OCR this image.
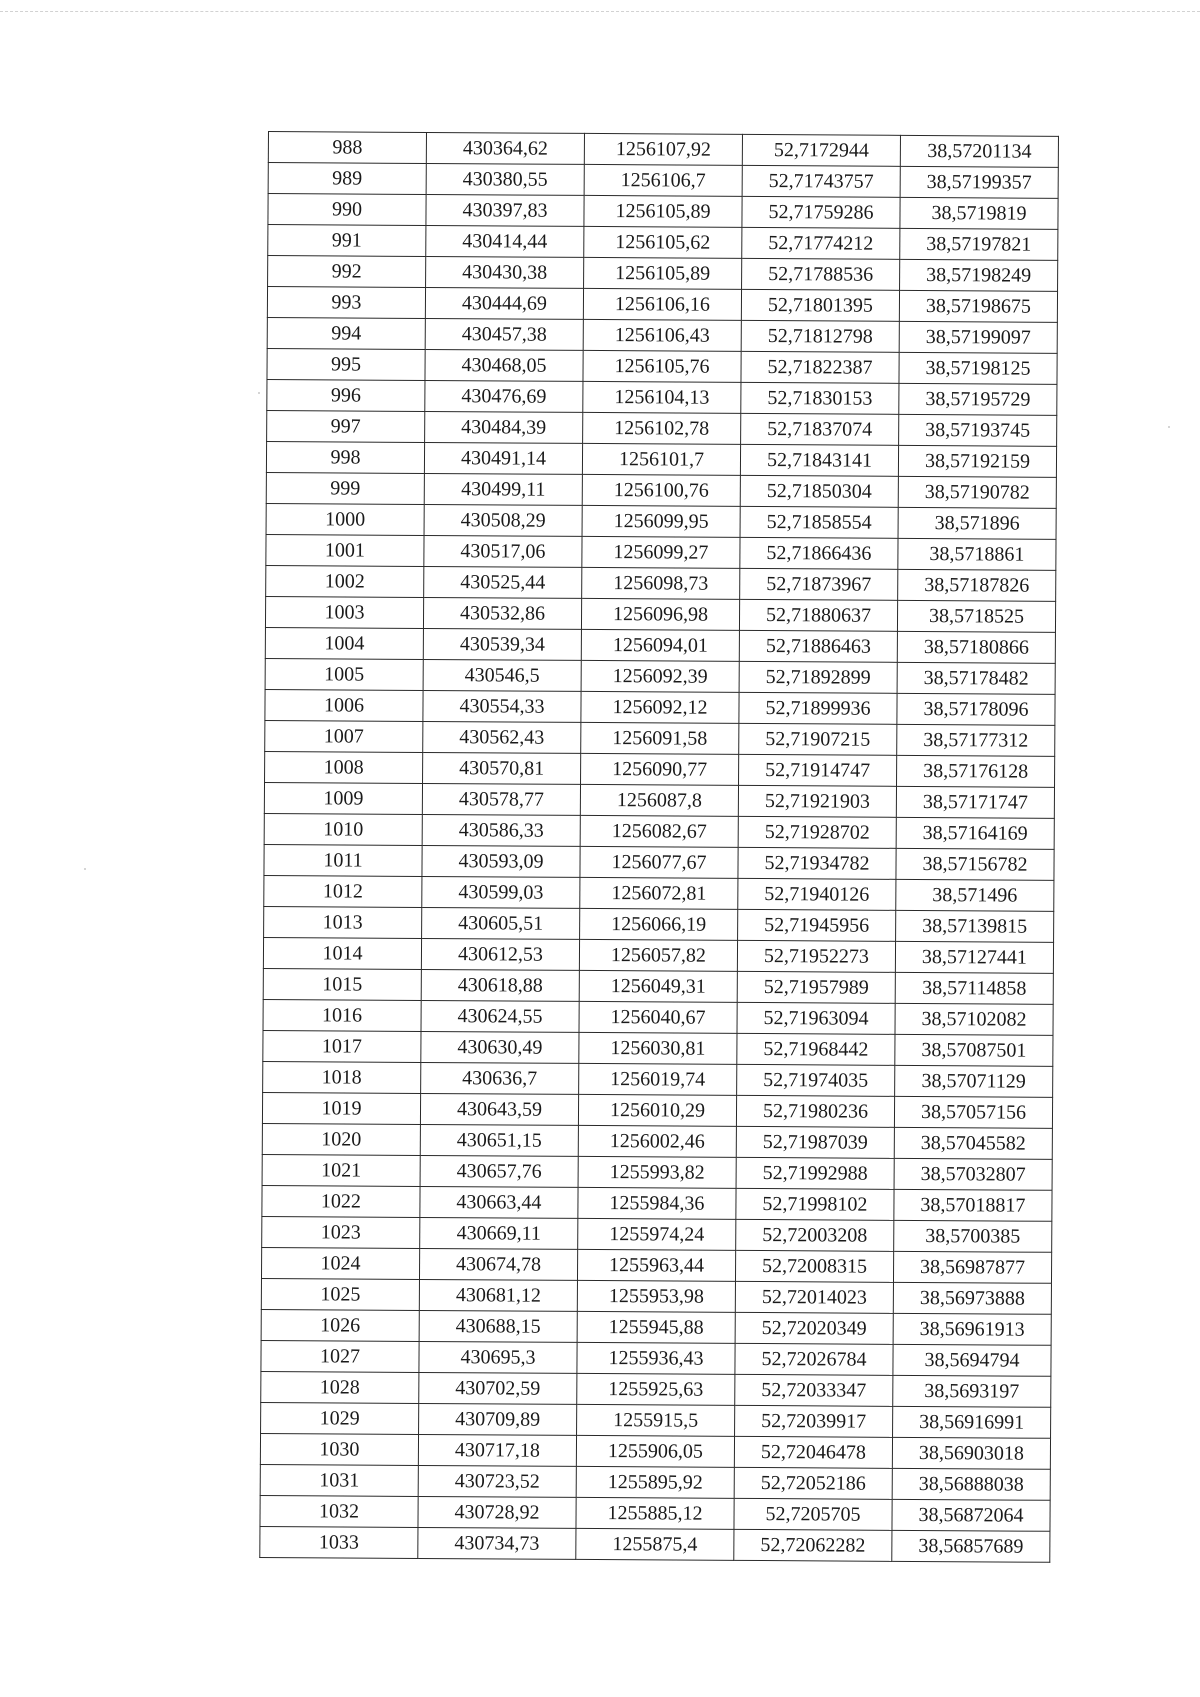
988	430364,62	1256107,92	52,7172944	38,57201134
989	430380,55	1256106,7	52,71743757	38,57199357
990	430397,83	1256105,89	52,71759286	38,5719819
991	430414,44	1256105,62	52,71774212	38,57197821
992	430430,38	1256105,89	52,71788536	38,57198249
993	430444,69	1256106,16	52,71801395	38,57198675
994	430457,38	1256106,43	52,71812798	38,57199097
995	430468,05	1256105,76	52,71822387	38,57198125
996	430476,69	1256104,13	52,71830153	38,57195729
997	430484,39	1256102,78	52,71837074	38,57193745
998	430491,14	1256101,7	52,71843141	38,57192159
999	430499,11	1256100,76	52,71850304	38,57190782
1000	430508,29	1256099,95	52,71858554	38,571896
1001	430517,06	1256099,27	52,71866436	38,5718861
1002	430525,44	1256098,73	52,71873967	38,57187826
1003	430532,86	1256096,98	52,71880637	38,5718525
1004	430539,34	1256094,01	52,71886463	38,57180866
1005	430546,5	1256092,39	52,71892899	38,57178482
1006	430554,33	1256092,12	52,71899936	38,57178096
1007	430562,43	1256091,58	52,71907215	38,57177312
1008	430570,81	1256090,77	52,71914747	38,57176128
1009	430578,77	1256087,8	52,71921903	38,57171747
1010	430586,33	1256082,67	52,71928702	38,57164169
1011	430593,09	1256077,67	52,71934782	38,57156782
1012	430599,03	1256072,81	52,71940126	38,571496
1013	430605,51	1256066,19	52,71945956	38,57139815
1014	430612,53	1256057,82	52,71952273	38,57127441
1015	430618,88	1256049,31	52,71957989	38,57114858
1016	430624,55	1256040,67	52,71963094	38,57102082
1017	430630,49	1256030,81	52,71968442	38,57087501
1018	430636,7	1256019,74	52,71974035	38,57071129
1019	430643,59	1256010,29	52,71980236	38,57057156
1020	430651,15	1256002,46	52,71987039	38,57045582
1021	430657,76	1255993,82	52,71992988	38,57032807
1022	430663,44	1255984,36	52,71998102	38,57018817
1023	430669,11	1255974,24	52,72003208	38,5700385
1024	430674,78	1255963,44	52,72008315	38,56987877
1025	430681,12	1255953,98	52,72014023	38,56973888
1026	430688,15	1255945,88	52,72020349	38,56961913
1027	430695,3	1255936,43	52,72026784	38,5694794
1028	430702,59	1255925,63	52,72033347	38,5693197
1029	430709,89	1255915,5	52,72039917	38,56916991
1030	430717,18	1255906,05	52,72046478	38,56903018
1031	430723,52	1255895,92	52,72052186	38,56888038
1032	430728,92	1255885,12	52,7205705	38,56872064
1033	430734,73	1255875,4	52,72062282	38,56857689
